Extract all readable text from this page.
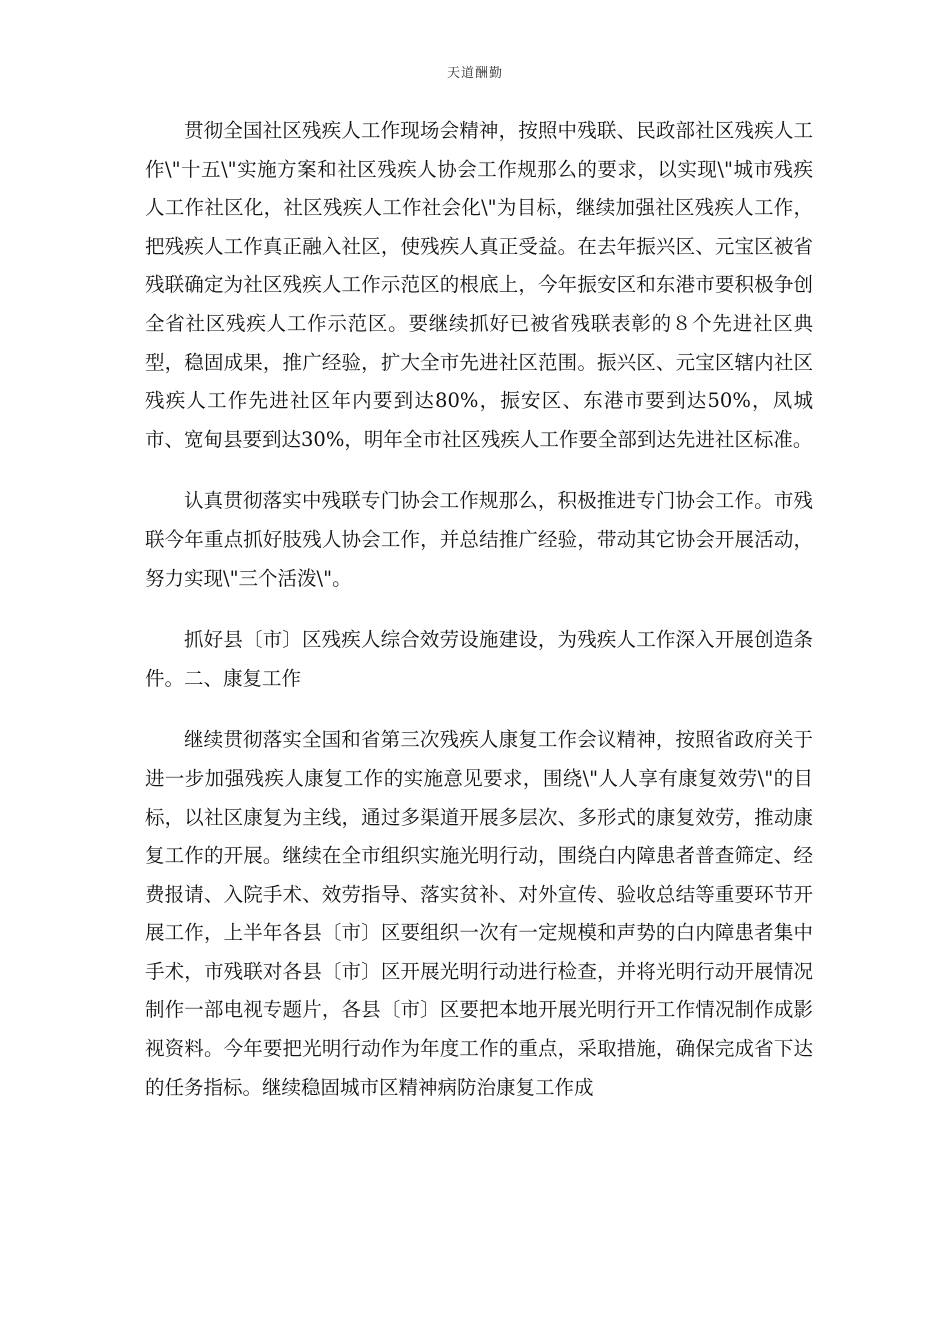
天道酬勤

贯彻全国社区残疾人工作现场会精神，按照中残联、民政部社区残疾人工作\"十五\"实施方案和社区残疾人协会工作规那么的要求，以实现\"城市残疾人工作社区化，社区残疾人工作社会化\"为目标，继续加强社区残疾人工作，把残疾人工作真正融入社区，使残疾人真正受益。在去年振兴区、元宝区被省残联确定为社区残疾人工作示范区的根底上，今年振安区和东港市要积极争创全省社区残疾人工作示范区。要继续抓好已被省残联表彰的８个先进社区典型，稳固成果，推广经验，扩大全市先进社区范围。振兴区、元宝区辖内社区残疾人工作先进社区年内要到达80%，振安区、东港市要到达50%，凤城市、宽甸县要到达30%，明年全市社区残疾人工作要全部到达先进社区标准。

认真贯彻落实中残联专门协会工作规那么，积极推进专门协会工作。市残联今年重点抓好肢残人协会工作，并总结推广经验，带动其它协会开展活动，努力实现\"三个活泼\"。

抓好县〔市〕区残疾人综合效劳设施建设，为残疾人工作深入开展创造条件。二、康复工作

继续贯彻落实全国和省第三次残疾人康复工作会议精神，按照省政府关于进一步加强残疾人康复工作的实施意见要求，围绕\"人人享有康复效劳\"的目标，以社区康复为主线，通过多渠道开展多层次、多形式的康复效劳，推动康复工作的开展。继续在全市组织实施光明行动，围绕白内障患者普查筛定、经费报请、入院手术、效劳指导、落实贫补、对外宣传、验收总结等重要环节开展工作，上半年各县〔市〕区要组织一次有一定规模和声势的白内障患者集中手术，市残联对各县〔市〕区开展光明行动进行检查，并将光明行动开展情况制作一部电视专题片，各县〔市〕区要把本地开展光明行开工作情况制作成影视资料。今年要把光明行动作为年度工作的重点，采取措施，确保完成省下达的任务指标。继续稳固城市区精神病防治康复工作成
